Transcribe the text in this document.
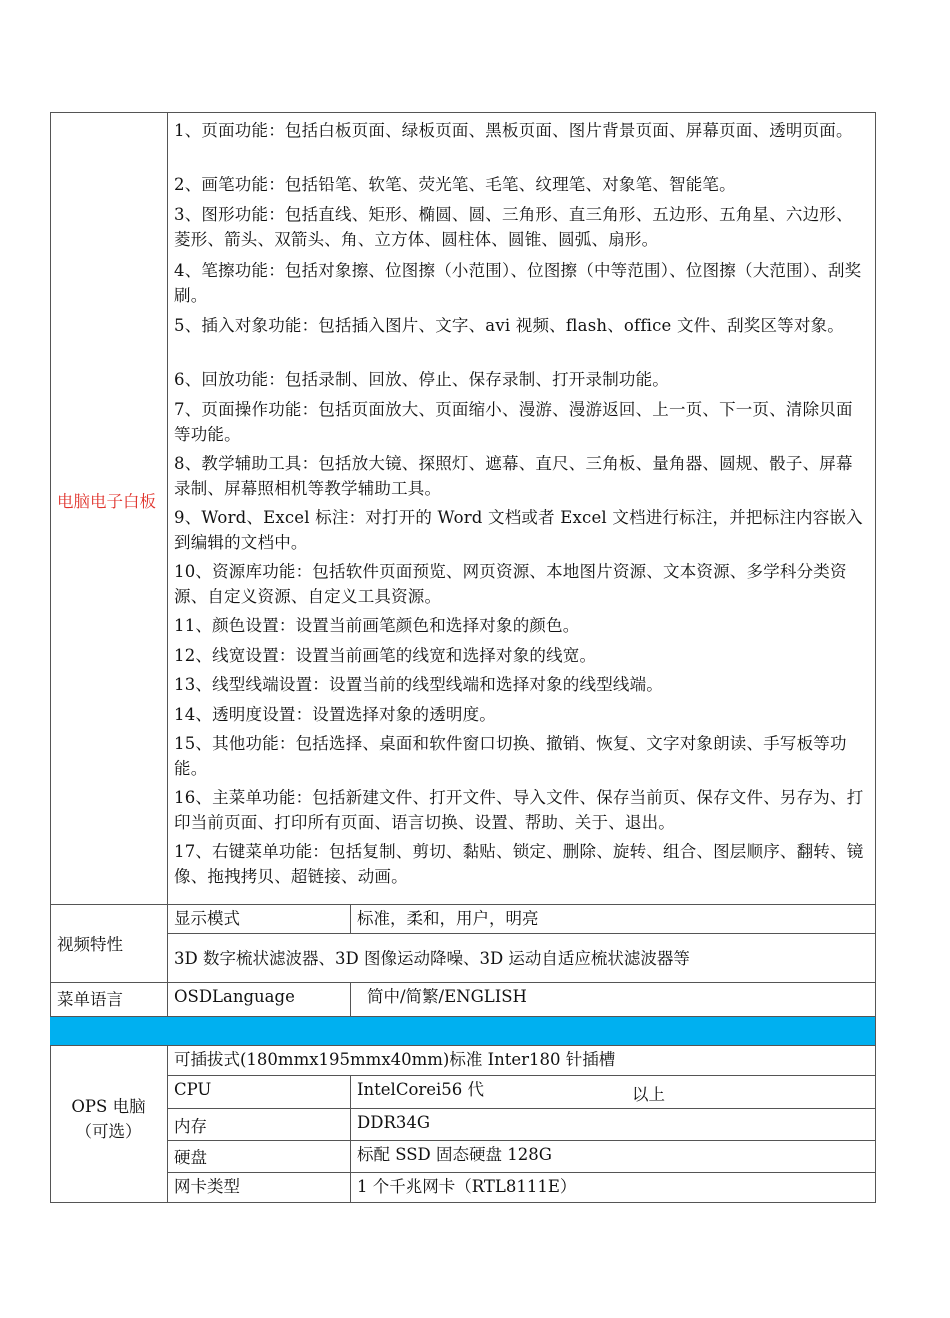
电脑电子白板
1、页面功能：包括白板页面、绿板页面、黑板页面、图片背景页面、屏幕页面、透明页面。
2、画笔功能：包括铅笔、软笔、荧光笔、毛笔、纹理笔、对象笔、智能笔。
3、图形功能：包括直线、矩形、椭圆、圆、三角形、直三角形、五边形、五角星、六边形、菱形、箭头、双箭头、角、立方体、圆柱体、圆锥、圆弧、扇形。
4、笔擦功能：包括对象擦、位图擦（小范围）、位图擦（中等范围）、位图擦（大范围）、刮奖刷。
5、插入对象功能：包括插入图片、文字、avi 视频、flash、office 文件、刮奖区等对象。
6、回放功能：包括录制、回放、停止、保存录制、打开录制功能。
7、页面操作功能：包括页面放大、页面缩小、漫游、漫游返回、上一页、下一页、清除贝面等功能。
8、教学辅助工具：包括放大镜、探照灯、遮幕、直尺、三角板、量角器、圆规、骰子、屏幕录制、屏幕照相机等教学辅助工具。
9、Word、Excel 标注：对打开的 Word 文档或者 Excel 文档进行标注，并把标注内容嵌入到编辑的文档中。
10、资源库功能：包括软件页面预览、网页资源、本地图片资源、文本资源、多学科分类资源、自定义资源、自定义工具资源。
11、颜色设置：设置当前画笔颜色和选择对象的颜色。
12、线宽设置：设置当前画笔的线宽和选择对象的线宽。
13、线型线端设置：设置当前的线型线端和选择对象的线型线端。
14、透明度设置：设置选择对象的透明度。
15、其他功能：包括选择、桌面和软件窗口切换、撤销、恢复、文字对象朗读、手写板等功能。
16、主菜单功能：包括新建文件、打开文件、导入文件、保存当前页、保存文件、另存为、打印当前页面、打印所有页面、语言切换、设置、帮助、关于、退出。
17、右键菜单功能：包括复制、剪切、黏贴、锁定、删除、旋转、组合、图层顺序、翻转、镜像、拖拽拷贝、超链接、动画。
视频特性
显示模式	标准，柔和，用户，明亮
3D 数字梳状滤波器、3D 图像运动降噪、3D 运动自适应梳状滤波器等
菜单语言	OSDLanguage	简中/简繁/ENGLISH
OPS 电脑
（可选）
可插拔式(180mmx195mmx40mm)标准 Inter180 针插槽
CPU	IntelCorei56 代	以上
内存	DDR34G
硬盘	标配 SSD 固态硬盘 128G
网卡类型	1 个千兆网卡（RTL8111E）
